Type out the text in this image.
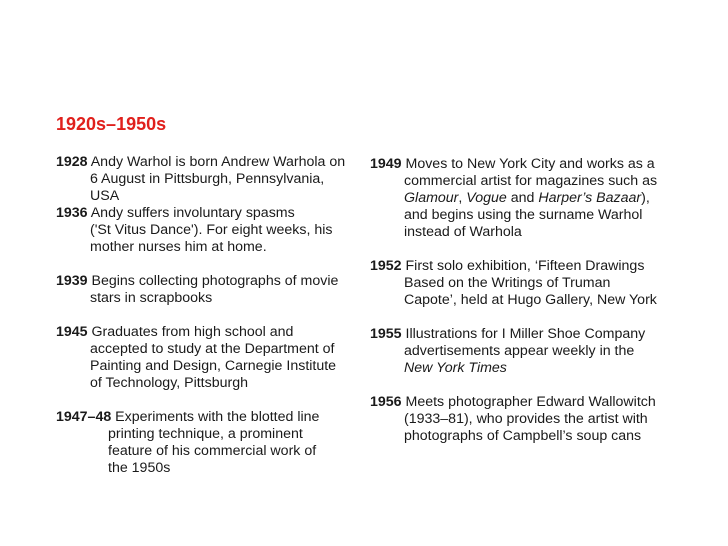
1920s–1950s
1928 Andy Warhol is born Andrew Warhola on
6 August in Pittsburgh, Pennsylvania,
USA
1936 Andy suffers involuntary spasms
('St Vitus Dance'). For eight weeks, his
mother nurses him at home.
1939 Begins collecting photographs of movie
stars in scrapbooks
1945 Graduates from high school and
accepted to study at the Department of
Painting and Design, Carnegie Institute
of Technology, Pittsburgh
1947–48 Experiments with the blotted line
printing technique, a prominent
feature of his commercial work of
the 1950s
1949 Moves to New York City and works as a
commercial artist for magazines such as
Glamour, Vogue and Harper’s Bazaar),
and begins using the surname Warhol
instead of Warhola
1952 First solo exhibition, ‘Fifteen Drawings
Based on the Writings of Truman
Capote’, held at Hugo Gallery, New York
1955 Illustrations for I Miller Shoe Company
advertisements appear weekly in the
New York Times
1956 Meets photographer Edward Wallowitch
(1933–81), who provides the artist with
photographs of Campbell’s soup cans
